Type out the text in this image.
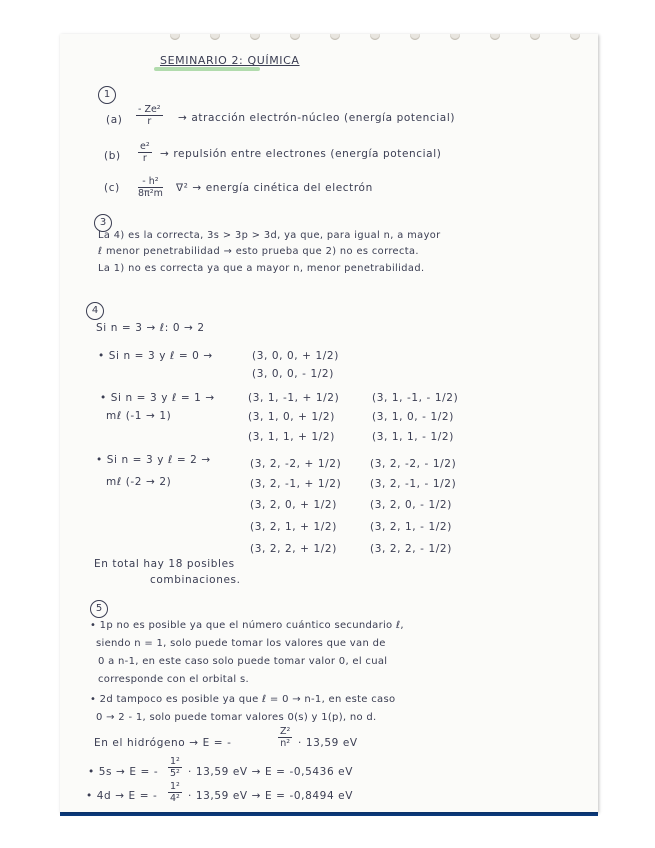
SEMINARIO 2: QUÍMICA
1
$(a) \frac{\text{- Ze²}}{r}$ → atracción electrón-núcleo (energía potencial)
$(b) \frac{\text{e²}}{r}$ → repulsión entre electrones (energía potencial)
$(c) \frac{\text{- h²}}{\text{8π²m}} \nabla^2$ → energía cinética del electrón
3
La 4) es la correcta, 3s > 3p > 3d, ya que, para igual n, a mayor
ℓ menor penetrabilidad → esto prueba que 2) no es correcta.
La 1) no es correcta ya que a mayor n, menor penetrabilidad.
4
Si n = 3 → ℓ: 0 → 2
• Si n = 3 y ℓ = 0 →	(3, 0, 0, + 1/2)
(3, 0, 0, - 1/2)
• Si n = 3 y ℓ = 1 →
mℓ (-1 → 1)
(3, 1, -1, + 1/2)
(3, 1, 0, + 1/2)
(3, 1, 1, + 1/2)
(3, 1, -1, - 1/2)
(3, 1, 0, - 1/2)
(3, 1, 1, - 1/2)
• Si n = 3 y ℓ = 2 →
mℓ (-2 → 2)
(3, 2, -2, + 1/2)
(3, 2, -1, + 1/2)
(3, 2, 0, + 1/2)
(3, 2, 1, + 1/2)
(3, 2, 2, + 1/2)
(3, 2, -2, - 1/2)
(3, 2, -1, - 1/2)
(3, 2, 0, - 1/2)
(3, 2, 1, - 1/2)
(3, 2, 2, - 1/2)
En total hay 18 posibles
combinaciones.
5
• 1p no es posible ya que el número cuántico secundario ℓ,
siendo n = 1, solo puede tomar los valores que van de
0 a n-1, en este caso solo puede tomar valor 0, el cual
corresponde con el orbital s.
• 2d tampoco es posible ya que ℓ = 0 → n-1, en este caso
0 → 2 - 1, solo puede tomar valores 0(s) y 1(p), no d.
En el hidrógeno → E = -	$\frac{\text{Z²}}{\text{n²}} \cdot 13,59$ eV
• 5s → E = - $\frac{\text{1²}}{\text{5²}} \cdot 13,59$ eV → E = -0,5436 eV
• 4d → E = - $\frac{\text{1²}}{\text{4²}} \cdot 13,59$ eV → E = -0,8494 eV
